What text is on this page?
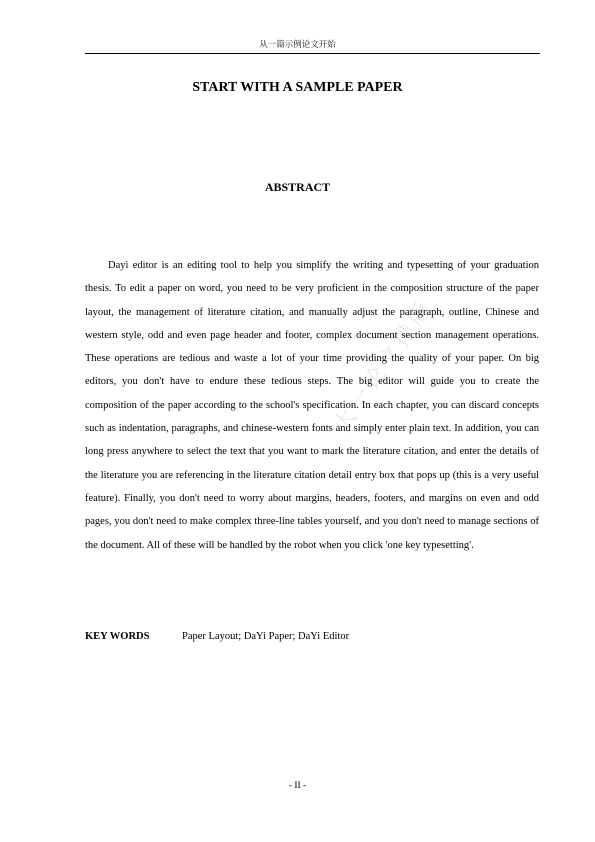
从一篇示例论文开始
START WITH A SAMPLE PAPER
ABSTRACT

Dayi editor is an editing tool to help you simplify the writing and typesetting of your graduation thesis. To edit a paper on word, you need to be very proficient in the composition structure of the paper layout, the management of literature citation, and manually adjust the paragraph, outline, Chinese and western style, odd and even page header and footer, complex document section management operations. These operations are tedious and waste a lot of your time providing the quality of your paper. On big editors, you don't have to endure these tedious steps. The big editor will guide you to create the composition of the paper according to the school's specification. In each chapter, you can discard concepts such as indentation, paragraphs, and chinese-western fonts and simply enter plain text. In addition, you can long press anywhere to select the text that you want to mark the literature citation, and enter the details of the literature you are referencing in the literature citation detail entry box that pops up (this is a very useful feature). Finally, you don't need to worry about margins, headers, footers, and margins on even and odd pages, you don't need to make complex three-line tables yourself, and you don't need to manage sections of the document. All of these will be handled by the robot when you click 'one key typesetting'.

KEY WORDS	Paper Layout; DaYi Paper; DaYi Editor
大一论文排版
- II -
